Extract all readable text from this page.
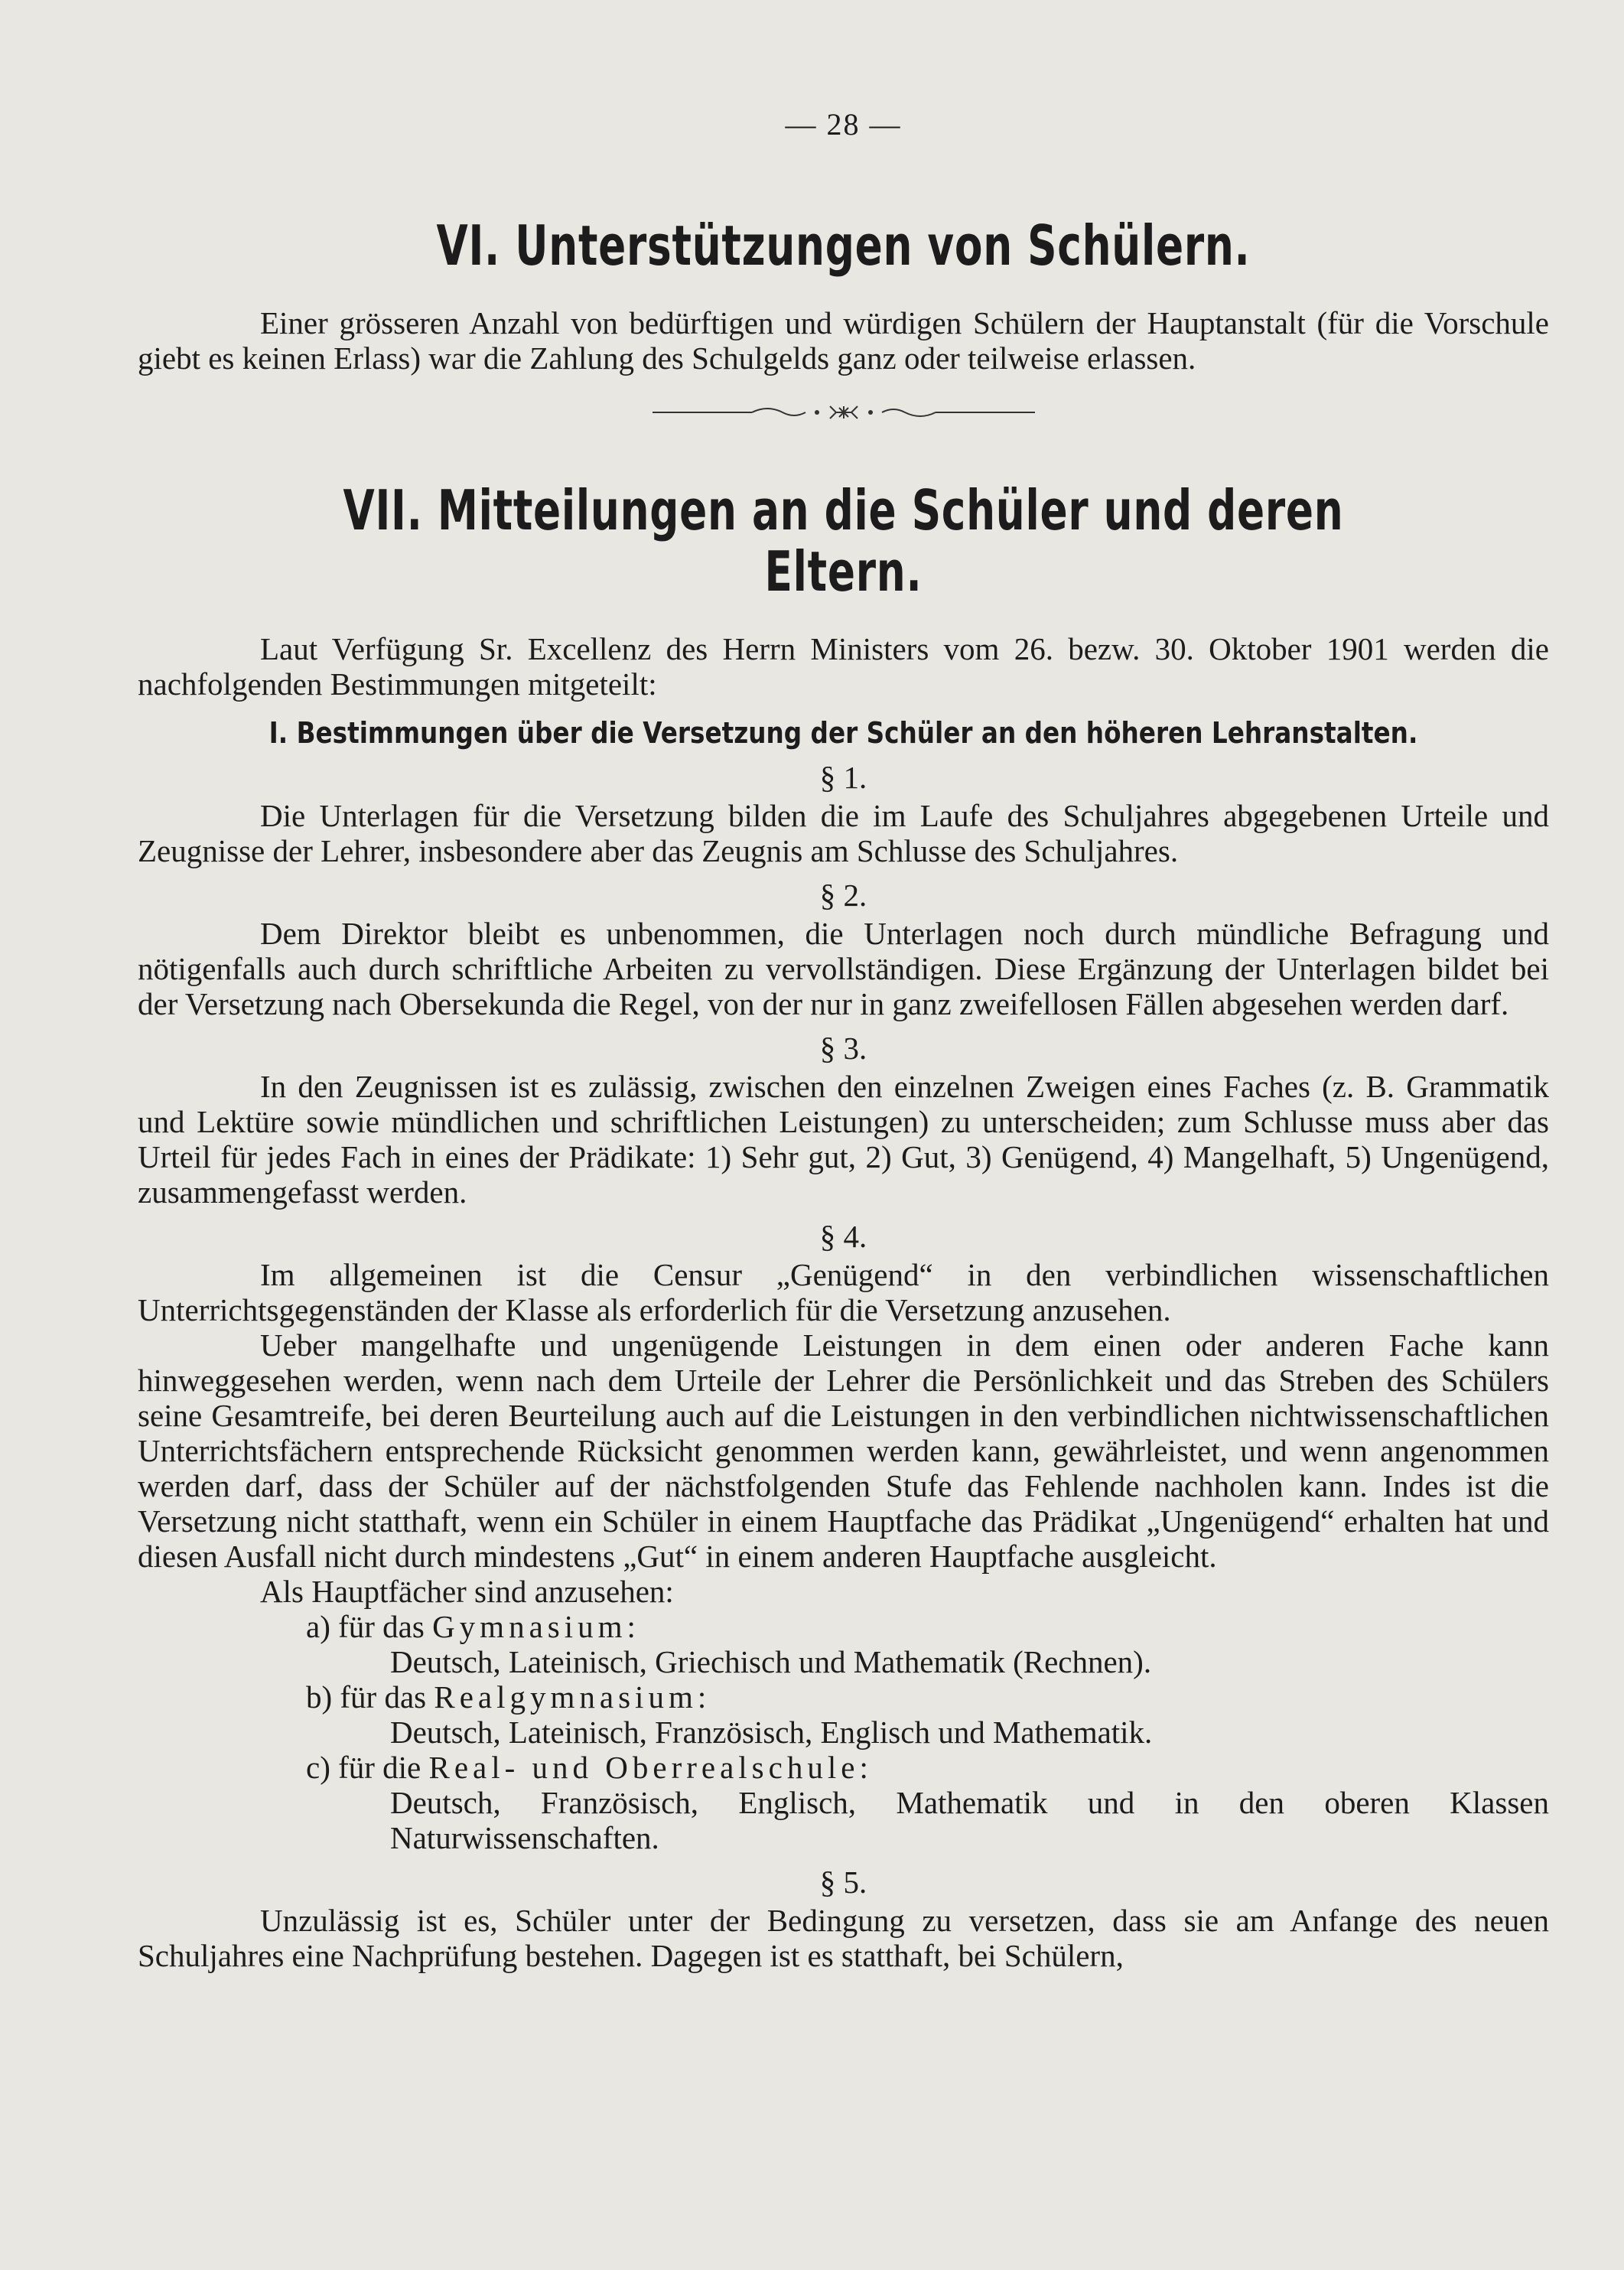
— 28 —
VI. Unterstützungen von Schülern.

Einer grösseren Anzahl von bedürftigen und würdigen Schülern der Hauptanstalt (für die Vorschule giebt es keinen Erlass) war die Zahlung des Schulgelds ganz oder teilweise erlassen.

VII. Mitteilungen an die Schüler und deren Eltern.

Laut Verfügung Sr. Excellenz des Herrn Ministers vom 26. bezw. 30. Oktober 1901 werden die nachfolgenden Bestimmungen mitgeteilt:

I. Bestimmungen über die Versetzung der Schüler an den höheren Lehranstalten.
§ 1.

Die Unterlagen für die Versetzung bilden die im Laufe des Schuljahres abgegebenen Urteile und Zeugnisse der Lehrer, insbesondere aber das Zeugnis am Schlusse des Schuljahres.

§ 2.

Dem Direktor bleibt es unbenommen, die Unterlagen noch durch mündliche Befragung und nötigenfalls auch durch schriftliche Arbeiten zu vervollständigen. Diese Ergänzung der Unterlagen bildet bei der Versetzung nach Obersekunda die Regel, von der nur in ganz zweifellosen Fällen abgesehen werden darf.

§ 3.

In den Zeugnissen ist es zulässig, zwischen den einzelnen Zweigen eines Faches (z. B. Grammatik und Lektüre sowie mündlichen und schriftlichen Leistungen) zu unterscheiden; zum Schlusse muss aber das Urteil für jedes Fach in eines der Prädikate: 1) Sehr gut, 2) Gut, 3) Genügend, 4) Mangelhaft, 5) Ungenügend, zusammengefasst werden.

§ 4.

Im allgemeinen ist die Censur „Genügend“ in den verbindlichen wissenschaftlichen Unterrichtsgegenständen der Klasse als erforderlich für die Versetzung anzusehen.

Ueber mangelhafte und ungenügende Leistungen in dem einen oder anderen Fache kann hinweggesehen werden, wenn nach dem Urteile der Lehrer die Persönlichkeit und das Streben des Schülers seine Gesamtreife, bei deren Beurteilung auch auf die Leistungen in den verbindlichen nichtwissenschaftlichen Unterrichtsfächern entsprechende Rücksicht genommen werden kann, gewährleistet, und wenn angenommen werden darf, dass der Schüler auf der nächstfolgenden Stufe das Fehlende nachholen kann. Indes ist die Versetzung nicht statthaft, wenn ein Schüler in einem Hauptfache das Prädikat „Ungenügend“ erhalten hat und diesen Ausfall nicht durch mindestens „Gut“ in einem anderen Hauptfache ausgleicht.

Als Hauptfächer sind anzusehen:

a) für das Gymnasium:
Deutsch, Lateinisch, Griechisch und Mathematik (Rechnen).
b) für das Realgymnasium:
Deutsch, Lateinisch, Französisch, Englisch und Mathematik.
c) für die Real- und Oberrealschule:
Deutsch, Französisch, Englisch, Mathematik und in den oberen Klassen Naturwissenschaften.
§ 5.

Unzulässig ist es, Schüler unter der Bedingung zu versetzen, dass sie am Anfange des neuen Schuljahres eine Nachprüfung bestehen. Dagegen ist es statthaft, bei Schülern,
